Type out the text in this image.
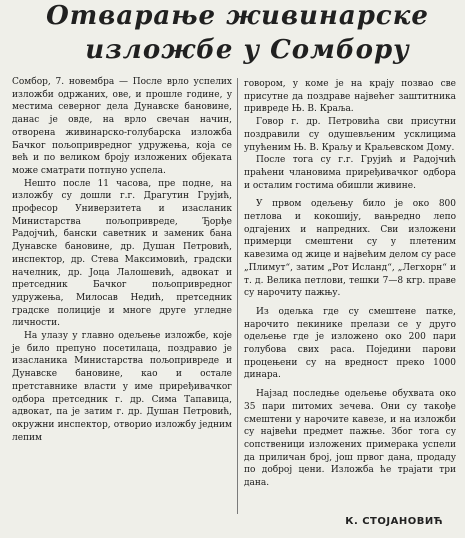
Отварање живинарске
изложбе у Сомбору

Сомбор, 7. новембра — После врло успелих изложби одржаних, ове, и прошле године, у местима северног дела Дунавске бановине, данас је овде, на врло свечан начин, отворена живинарско-голубарска изложба Бачког пољопривредног удружења, која се већ и по великом броју изложених објеката може сматрати потпуно успела.

Нешто после 11 часова, пре подне, на изложбу су дошли г.г. Драгутин Грујић, професор Универзитета и изасланик Министарства пољопривреде, Ђорђе Радојчић, бански саветник и заменик бана Дунавске бановине, др. Душан Петровић, инспектор, др. Стева Максимовић, градски начелник, др. Јоца Лалошевић, адвокат и претседник Бачког пољопривредног удружења, Милосав Недић, претседник градске полиције и многе друге угледне личности.

На улазу у главно одељење изложбе, које је било препуно посетилаца, поздравио је изасланика Министарства пољопривреде и Дунавске бановине, као и остале претставнике власти у име приређивачког одбора претседник г. др. Сима Тапавица, адвокат, па је затим г. др. Душан Петровић, окружни инспектор, отворио изложбу једним лепим

говором, у коме је на крају позвао све присутне да поздраве највећег заштитника привреде Њ. В. Краља.

Говор г. др. Петровића сви присутни поздравили су одушевљеним усклицима упућеним Њ. В. Краљу и Краљевском Дому.

После тога су г.г. Грујић и Радојчић праћени члановима приређивачког одбора и осталим гостима обишли живине.

У првом одељењу било је око 800 петлова и кокошију, вањредно лепо одгајених и напредних. Сви изложени примерци смештени су у плетеним кавезима од жице и највећим делом су расе „Плимут“, затим „Рот Исланд“, „Легхорн“ и т. д. Велика петлови, тешки 7—8 кгр. праве су нарочиту пажњу.

Из одељка где су смештене патке, нарочито пекинике прелази се у друго одељење где је изложено око 200 пари голубова свих раса. Поједини парови процењени су на вредност преко 1000 динара.

Најзад последње одељење обухвата око 35 пари питомих зечева. Они су такође смештени у нарочите кавезе, и на изложби су највећи предмет пажње. Због тога су сопственици изложених примерака успели да приличан број, још првог дана, продаду по доброј цени. Изложба ће трајати три дана.

К. СТОЈАНОВИЋ
